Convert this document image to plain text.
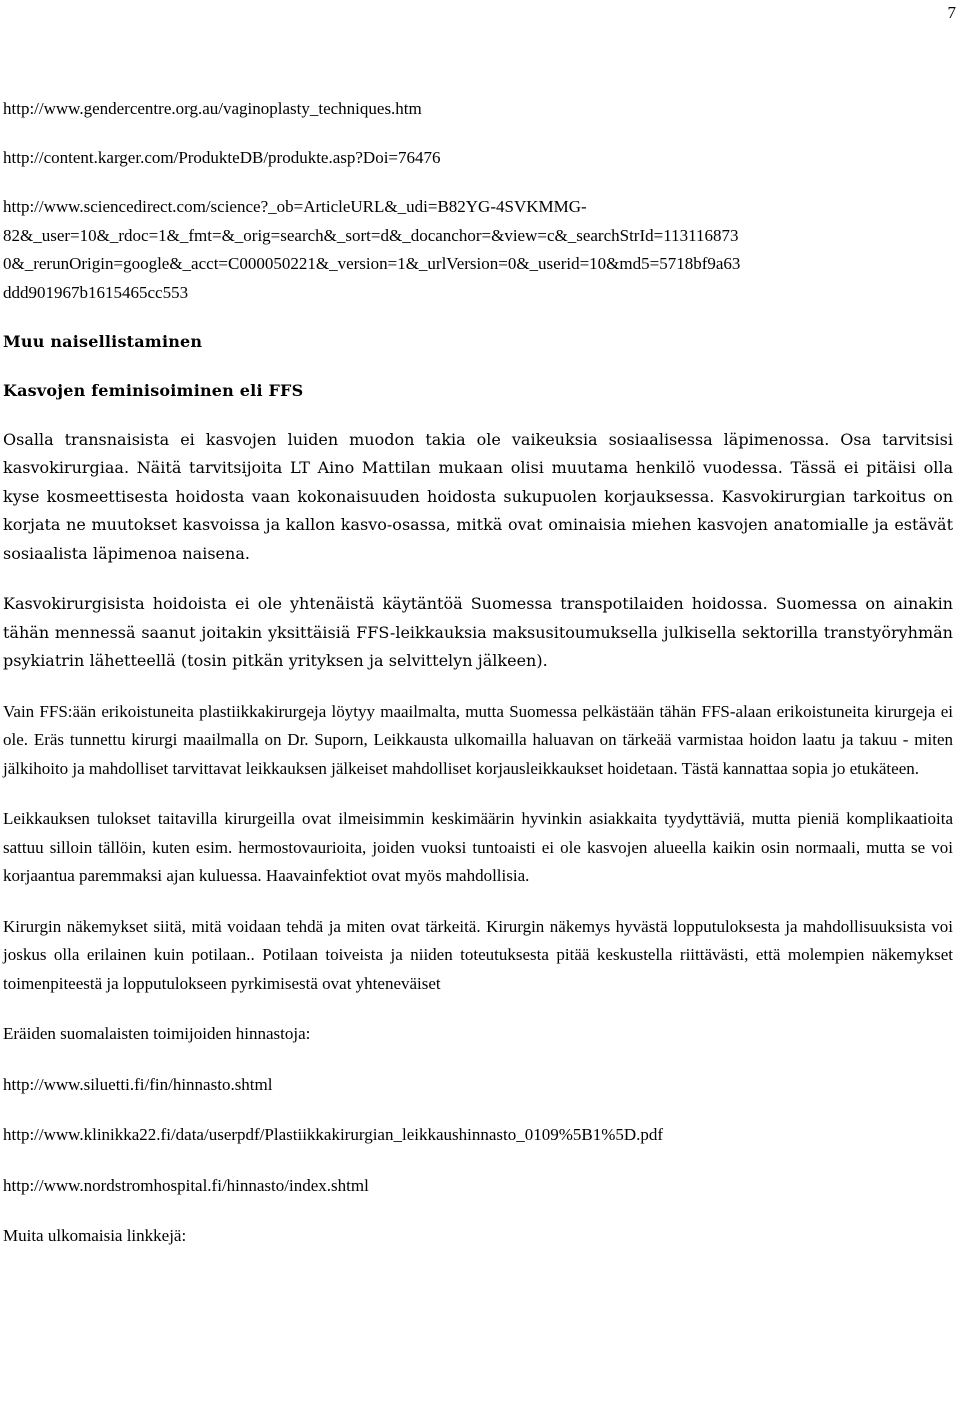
7
http://www.gendercentre.org.au/vaginoplasty_techniques.htm
http://content.karger.com/ProdukteDB/produkte.asp?Doi=76476
http://www.sciencedirect.com/science?_ob=ArticleURL&_udi=B82YG-4SVKMMG-
82&_user=10&_rdoc=1&_fmt=&_orig=search&_sort=d&_docanchor=&view=c&_searchStrId=113116873
0&_rerunOrigin=google&_acct=C000050221&_version=1&_urlVersion=0&_userid=10&md5=5718bf9a63
ddd901967b1615465cc553
Muu naisellistaminen
Kasvojen feminisoiminen eli FFS

Osalla transnaisista ei kasvojen luiden muodon takia ole vaikeuksia sosiaalisessa läpimenossa. Osa tarvitsisi kasvokirurgiaa. Näitä tarvitsijoita LT Aino Mattilan mukaan olisi muutama henkilö vuodessa. Tässä ei pitäisi olla kyse kosmeettisesta hoidosta vaan kokonaisuuden hoidosta sukupuolen korjauksessa. Kasvokirurgian tarkoitus on korjata ne muutokset kasvoissa ja kallon kasvo-osassa, mitkä ovat ominaisia miehen kasvojen anatomialle ja estävät sosiaalista läpimenoa naisena.

Kasvokirurgisista hoidoista ei ole yhtenäistä käytäntöä Suomessa transpotilaiden hoidossa. Suomessa on ainakin tähän mennessä saanut joitakin yksittäisiä FFS-leikkauksia maksusitoumuksella julkisella sektorilla transtyöryhmän psykiatrin lähetteellä (tosin pitkän yrityksen ja selvittelyn jälkeen).

Vain FFS:ään erikoistuneita plastiikkakirurgeja löytyy maailmalta, mutta Suomessa pelkästään tähän FFS-alaan erikoistuneita kirurgeja ei ole. Eräs tunnettu kirurgi maailmalla on Dr. Suporn, Leikkausta ulkomailla haluavan on tärkeää varmistaa hoidon laatu ja takuu - miten jälkihoito ja mahdolliset tarvittavat leikkauksen jälkeiset mahdolliset korjausleikkaukset hoidetaan. Tästä kannattaa sopia jo etukäteen.

Leikkauksen tulokset taitavilla kirurgeilla ovat ilmeisimmin keskimäärin hyvinkin asiakkaita tyydyttäviä, mutta pieniä komplikaatioita sattuu silloin tällöin, kuten esim. hermostovaurioita, joiden vuoksi tuntoaisti ei ole kasvojen alueella kaikin osin normaali, mutta se voi korjaantua paremmaksi ajan kuluessa. Haavainfektiot ovat myös mahdollisia.

Kirurgin näkemykset siitä, mitä voidaan tehdä ja miten ovat tärkeitä. Kirurgin näkemys hyvästä lopputuloksesta ja mahdollisuuksista voi joskus olla erilainen kuin potilaan.. Potilaan toiveista ja niiden toteutuksesta pitää keskustella riittävästi, että molempien näkemykset toimenpiteestä ja lopputulokseen pyrkimisestä ovat yhteneväiset

Eräiden suomalaisten toimijoiden hinnastoja:

http://www.siluetti.fi/fin/hinnasto.shtml
http://www.klinikka22.fi/data/userpdf/Plastiikkakirurgian_leikkaushinnasto_0109%5B1%5D.pdf
http://www.nordstromhospital.fi/hinnasto/index.shtml

Muita ulkomaisia linkkejä:
